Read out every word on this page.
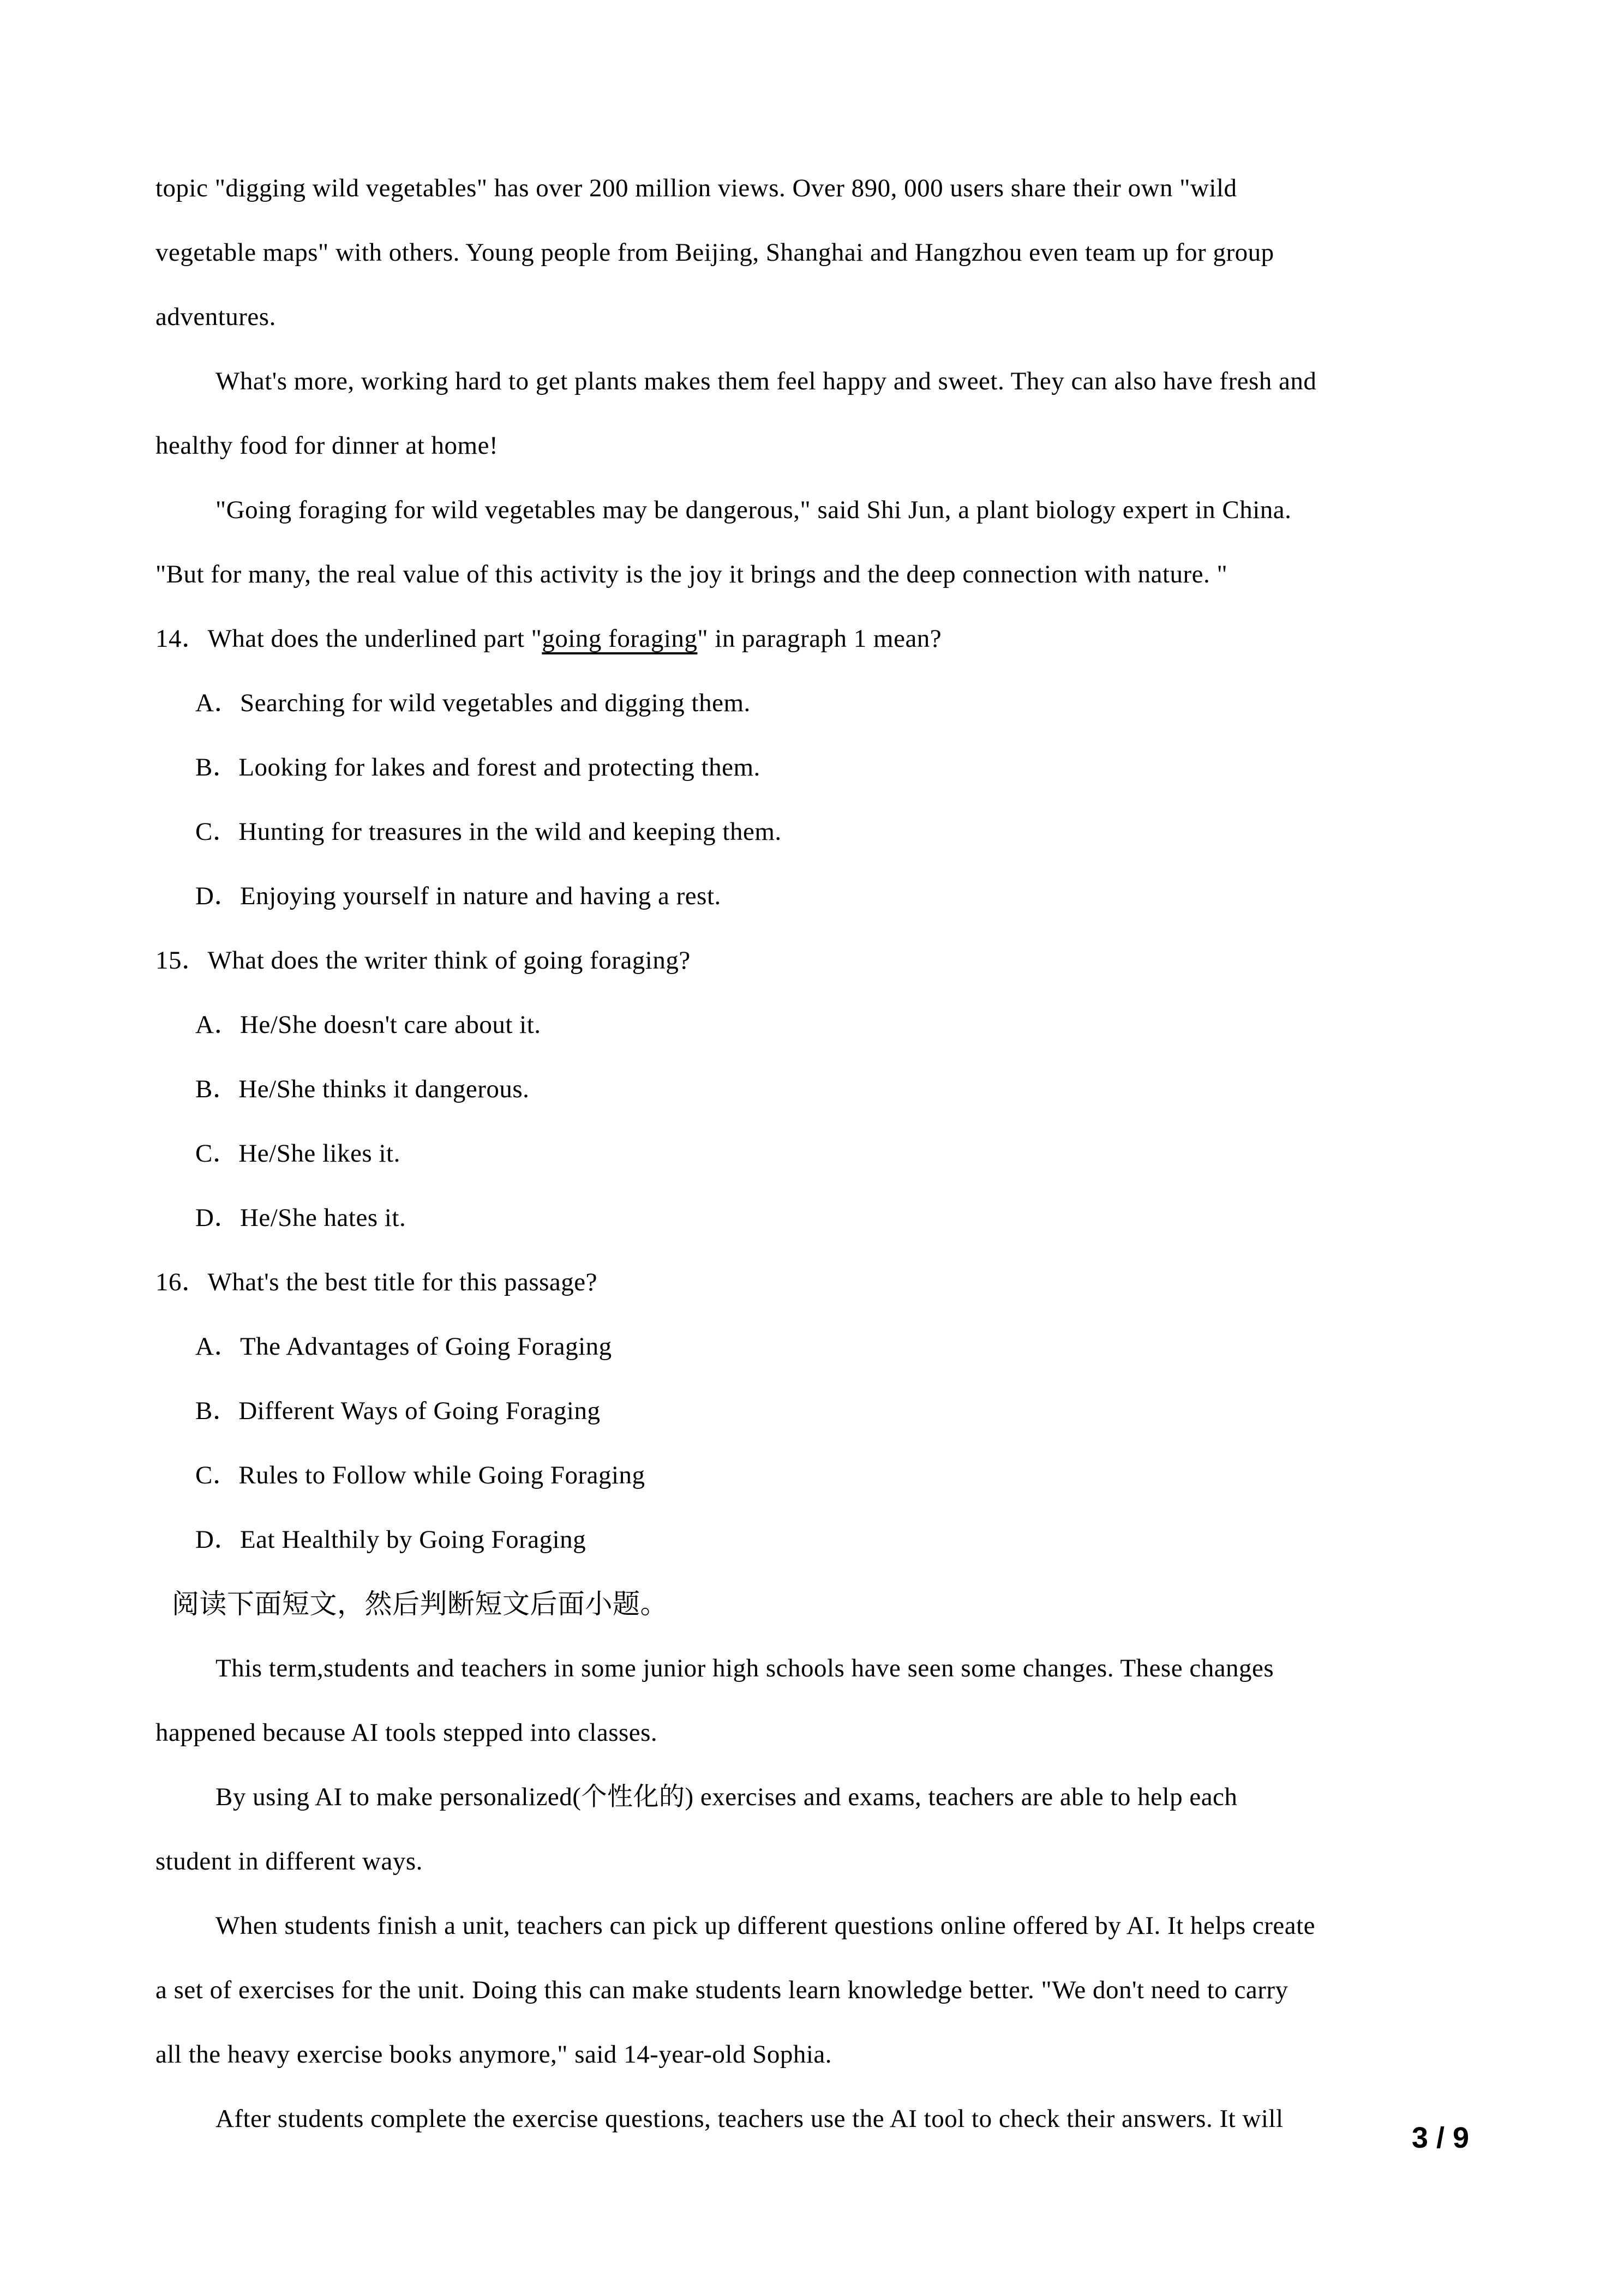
topic "digging wild vegetables" has over 200 million views. Over 890, 000 users share their own "wild

vegetable maps" with others. Young people from Beijing, Shanghai and Hangzhou even team up for group

adventures.

What's more, working hard to get plants makes them feel happy and sweet. They can also have fresh and

healthy food for dinner at home!

"Going foraging for wild vegetables may be dangerous," said Shi Jun, a plant biology expert in China.

"But for many, the real value of this activity is the joy it brings and the deep connection with nature. "

14．What does the underlined part "going foraging" in paragraph 1 mean?

A．Searching for wild vegetables and digging them.

B．Looking for lakes and forest and protecting them.

C．Hunting for treasures in the wild and keeping them.

D．Enjoying yourself in nature and having a rest.

15．What does the writer think of going foraging?

A．He/She doesn't care about it.

B．He/She thinks it dangerous.

C．He/She likes it.

D．He/She hates it.

16．What's the best title for this passage?

A．The Advantages of Going Foraging

B．Different Ways of Going Foraging

C．Rules to Follow while Going Foraging

D．Eat Healthily by Going Foraging

阅读下面短文，然后判断短文后面小题。

This term,students and teachers in some junior high schools have seen some changes. These changes

happened because AI tools stepped into classes.

By using AI to make personalized(个性化的) exercises and exams, teachers are able to help each

student in different ways.

When students finish a unit, teachers can pick up different questions online offered by AI. It helps create

a set of exercises for the unit. Doing this can make students learn knowledge better. "We don't need to carry

all the heavy exercise books anymore," said 14-year-old Sophia.

After students complete the exercise questions, teachers use the AI tool to check their answers. It will

3 / 9
